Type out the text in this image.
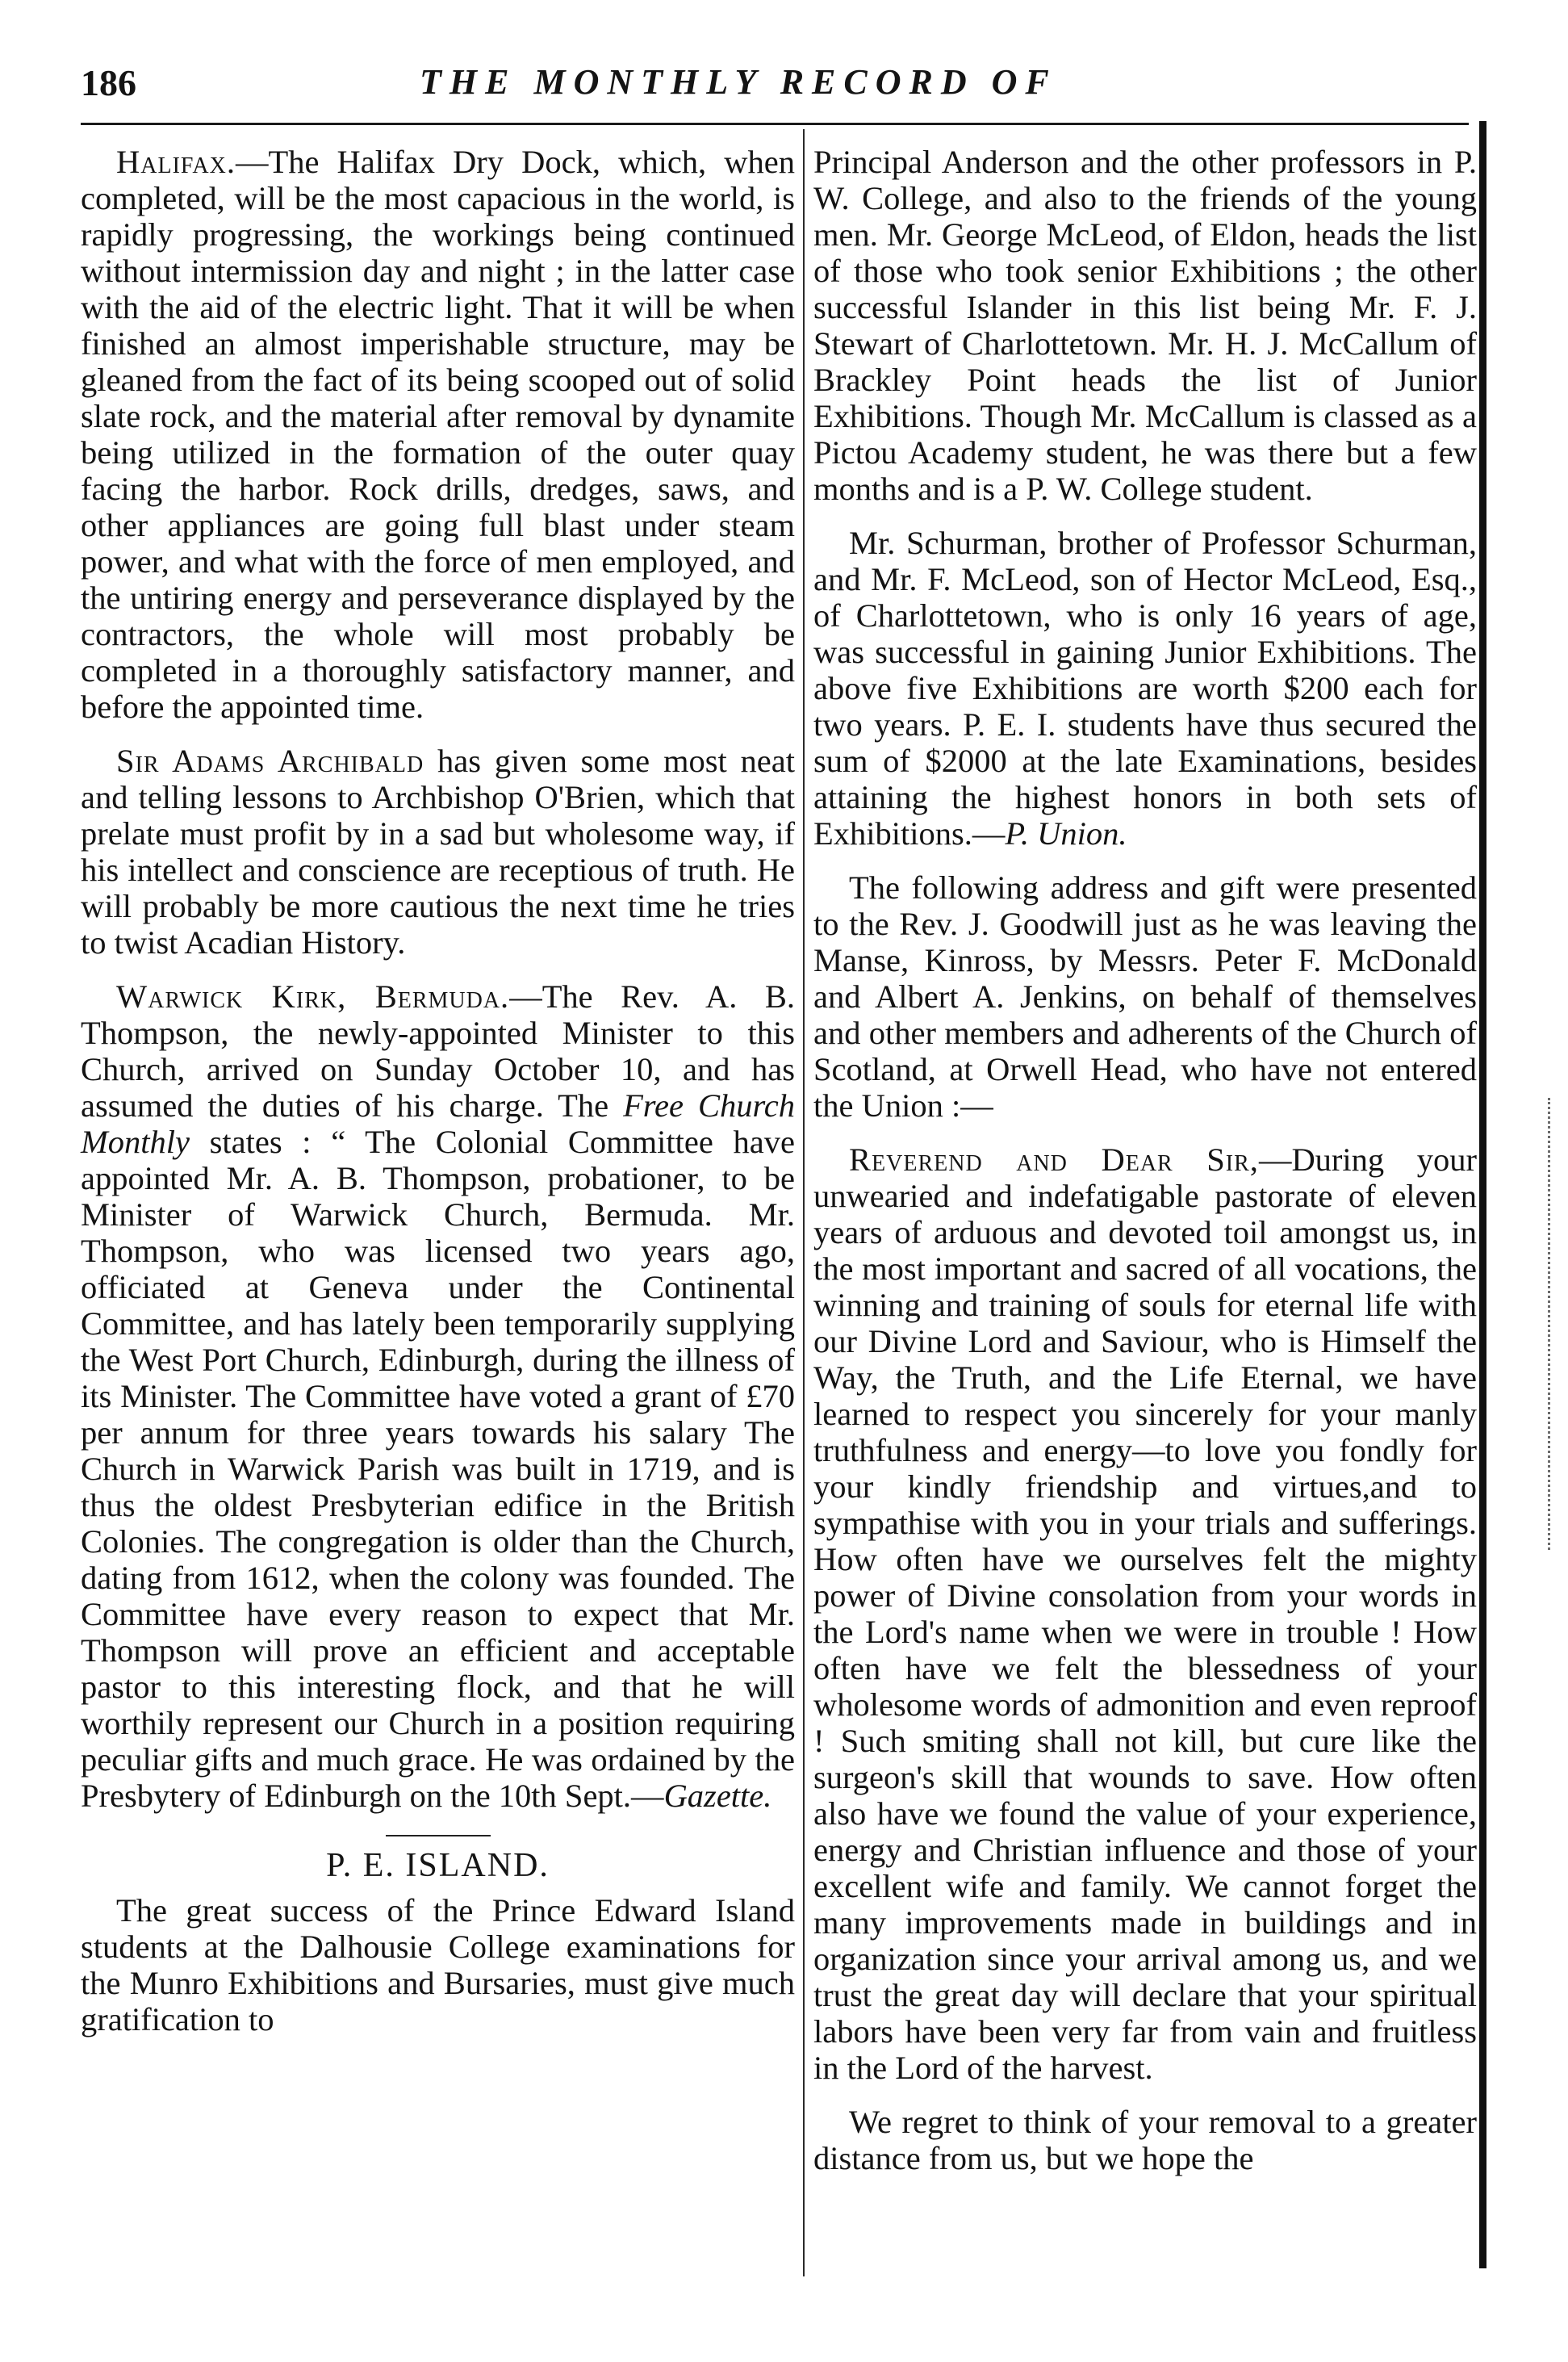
186	THE MONTHLY RECORD OF

Halifax.—The Halifax Dry Dock, which, when completed, will be the most capacious in the world, is rapidly progressing, the workings being continued without intermission day and night ; in the latter case with the aid of the electric light. That it will be when finished an almost imperishable structure, may be gleaned from the fact of its being scooped out of solid slate rock, and the material after removal by dynamite being utilized in the formation of the outer quay facing the harbor. Rock drills, dredges, saws, and other appliances are going full blast under steam power, and what with the force of men employed, and the untiring energy and perseverance displayed by the contractors, the whole will most probably be completed in a thoroughly satisfactory manner, and before the appointed time.

Sir Adams Archibald has given some most neat and telling lessons to Archbishop O'Brien, which that prelate must profit by in a sad but wholesome way, if his intellect and conscience are receptious of truth. He will probably be more cautious the next time he tries to twist Acadian History.

Warwick Kirk, Bermuda.—The Rev. A. B. Thompson, the newly-appointed Minister to this Church, arrived on Sunday October 10, and has assumed the duties of his charge. The Free Church Monthly states : “ The Colonial Committee have appointed Mr. A. B. Thompson, probationer, to be Minister of Warwick Church, Bermuda. Mr. Thompson, who was licensed two years ago, officiated at Geneva under the Continental Committee, and has lately been temporarily supplying the West Port Church, Edinburgh, during the illness of its Minister. The Committee have voted a grant of £70 per annum for three years towards his salary The Church in Warwick Parish was built in 1719, and is thus the oldest Presbyterian edifice in the British Colonies. The congregation is older than the Church, dating from 1612, when the colony was founded. The Committee have every reason to expect that Mr. Thompson will prove an efficient and acceptable pastor to this interesting flock, and that he will worthily represent our Church in a position requiring peculiar gifts and much grace. He was ordained by the Presbytery of Edinburgh on the 10th Sept.—Gazette.

P. E. ISLAND.

The great success of the Prince Edward Island students at the Dalhousie College examinations for the Munro Exhibitions and Bursaries, must give much gratification to

Principal Anderson and the other professors in P. W. College, and also to the friends of the young men. Mr. George McLeod, of Eldon, heads the list of those who took senior Exhibitions ; the other successful Islander in this list being Mr. F. J. Stewart of Charlottetown. Mr. H. J. McCallum of Brackley Point heads the list of Junior Exhibitions. Though Mr. McCallum is classed as a Pictou Academy student, he was there but a few months and is a P. W. College student.

Mr. Schurman, brother of Professor Schurman, and Mr. F. McLeod, son of Hector McLeod, Esq., of Charlottetown, who is only 16 years of age, was successful in gaining Junior Exhibitions. The above five Exhibitions are worth $200 each for two years. P. E. I. students have thus secured the sum of $2000 at the late Examinations, besides attaining the highest honors in both sets of Exhibitions.—P. Union.

The following address and gift were presented to the Rev. J. Goodwill just as he was leaving the Manse, Kinross, by Messrs. Peter F. McDonald and Albert A. Jenkins, on behalf of themselves and other members and adherents of the Church of Scotland, at Orwell Head, who have not entered the Union :—

Reverend and Dear Sir,—During your unwearied and indefatigable pastorate of eleven years of arduous and devoted toil amongst us, in the most important and sacred of all vocations, the winning and training of souls for eternal life with our Divine Lord and Saviour, who is Himself the Way, the Truth, and the Life Eternal, we have learned to respect you sincerely for your manly truthfulness and energy—to love you fondly for your kindly friendship and virtues,and to sympathise with you in your trials and sufferings. How often have we ourselves felt the mighty power of Divine consolation from your words in the Lord's name when we were in trouble ! How often have we felt the blessedness of your wholesome words of admonition and even reproof ! Such smiting shall not kill, but cure like the surgeon's skill that wounds to save. How often also have we found the value of your experience, energy and Christian influence and those of your excellent wife and family. We cannot forget the many improvements made in buildings and in organization since your arrival among us, and we trust the great day will declare that your spiritual labors have been very far from vain and fruitless in the Lord of the harvest.

We regret to think of your removal to a greater distance from us, but we hope the
